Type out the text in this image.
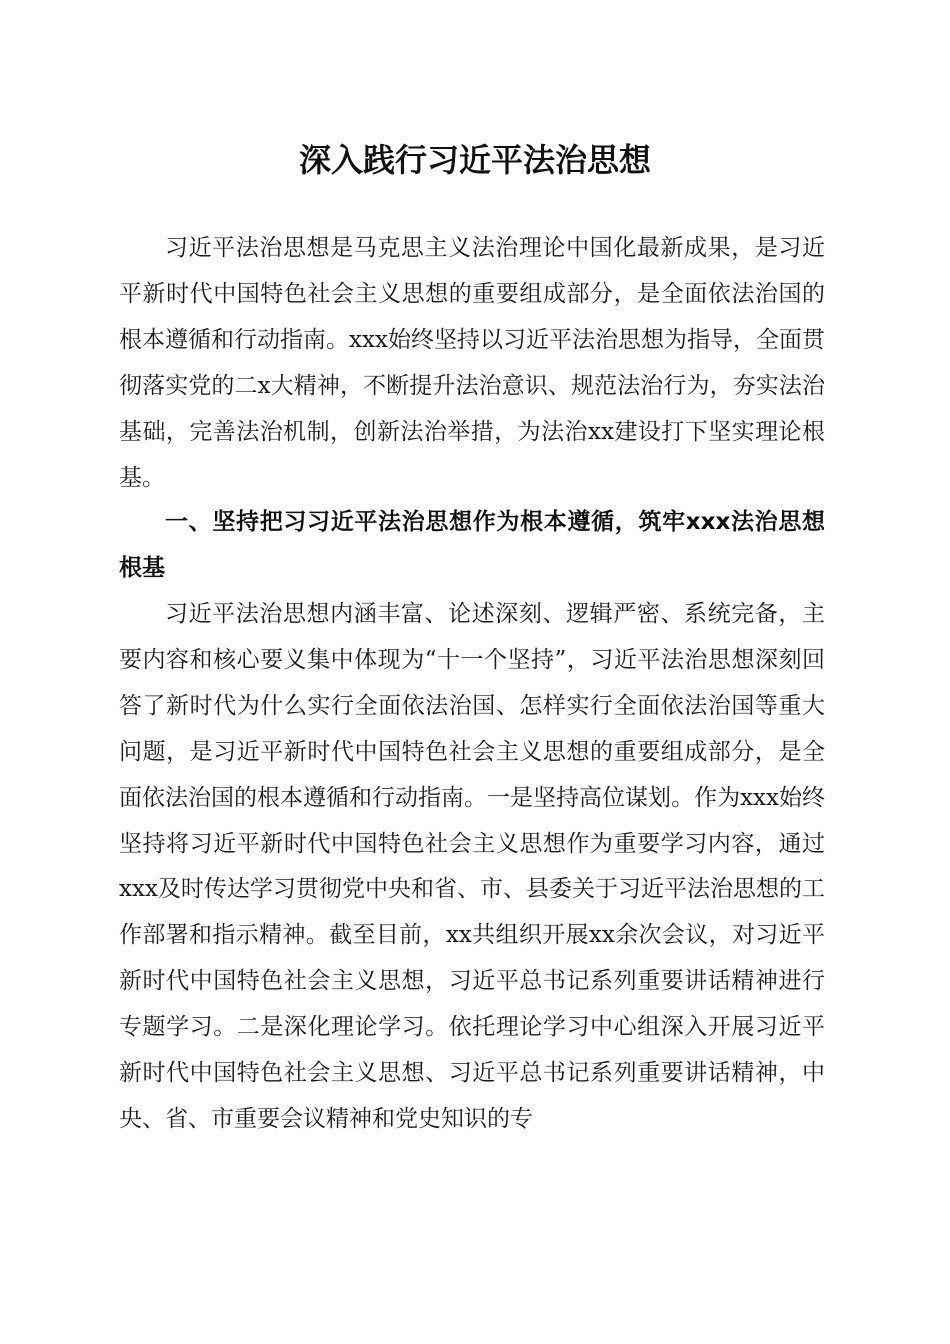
深入践行习近平法治思想

习近平法治思想是马克思主义法治理论中国化最新成果，是习近平新时代中国特色社会主义思想的重要组成部分，是全面依法治国的根本遵循和行动指南。xxx始终坚持以习近平法治思想为指导，全面贯彻落实党的二x大精神，不断提升法治意识、规范法治行为，夯实法治基础，完善法治机制，创新法治举措，为法治xx建设打下坚实理论根基。

一、坚持把习习近平法治思想作为根本遵循，筑牢xxx法治思想根基

习近平法治思想内涵丰富、论述深刻、逻辑严密、系统完备，主要内容和核心要义集中体现为“十一个坚持”，习近平法治思想深刻回答了新时代为什么实行全面依法治国、怎样实行全面依法治国等重大问题，是习近平新时代中国特色社会主义思想的重要组成部分，是全面依法治国的根本遵循和行动指南。一是坚持高位谋划。作为xxx始终坚持将习近平新时代中国特色社会主义思想作为重要学习内容，通过xxx及时传达学习贯彻党中央和省、市、县委关于习近平法治思想的工作部署和指示精神。截至目前，xx共组织开展xx余次会议，对习近平新时代中国特色社会主义思想，习近平总书记系列重要讲话精神进行专题学习。二是深化理论学习。依托理论学习中心组深入开展习近平新时代中国特色社会主义思想、习近平总书记系列重要讲话精神，中央、省、市重要会议精神和党史知识的专
